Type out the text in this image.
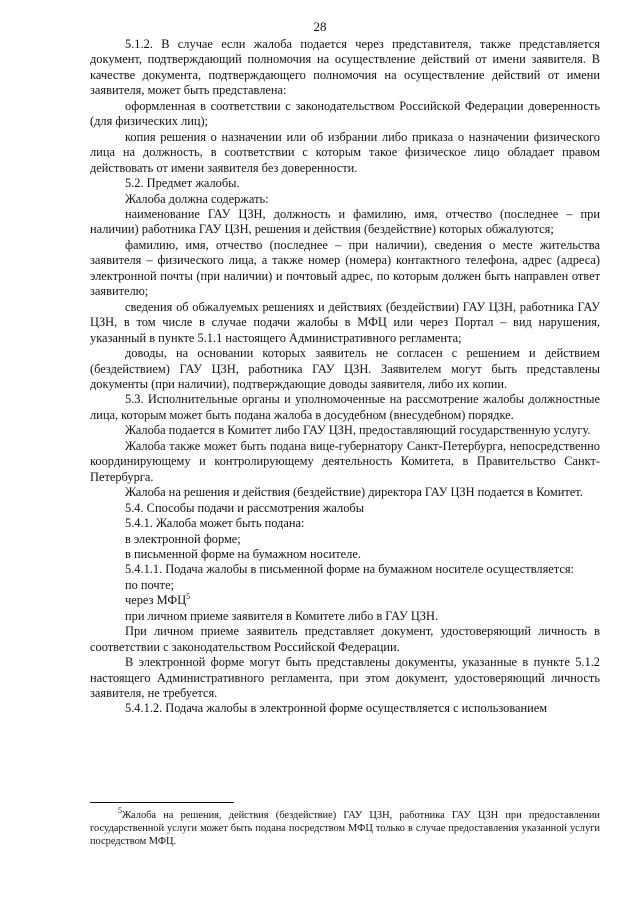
28

5.1.2. В случае если жалоба подается через представителя, также представляется документ, подтверждающий полномочия на осуществление действий от имени заявителя. В качестве документа, подтверждающего полномочия на осуществление действий от имени заявителя, может быть представлена:

оформленная в соответствии с законодательством Российской Федерации доверенность (для физических лиц);

копия решения о назначении или об избрании либо приказа о назначении физического лица на должность, в соответствии с которым такое физическое лицо обладает правом действовать от имени заявителя без доверенности.

5.2. Предмет жалобы.

Жалоба должна содержать:

наименование ГАУ ЦЗН, должность и фамилию, имя, отчество (последнее – при наличии) работника ГАУ ЦЗН, решения и действия (бездействие) которых обжалуются;

фамилию, имя, отчество (последнее – при наличии), сведения о месте жительства заявителя – физического лица, а также номер (номера) контактного телефона, адрес (адреса) электронной почты (при наличии) и почтовый адрес, по которым должен быть направлен ответ заявителю;

сведения об обжалуемых решениях и действиях (бездействии) ГАУ ЦЗН, работника ГАУ ЦЗН, в том числе в случае подачи жалобы в МФЦ или через Портал – вид нарушения, указанный в пункте 5.1.1 настоящего Административного регламента;

доводы, на основании которых заявитель не согласен с решением и действием (бездействием) ГАУ ЦЗН, работника ГАУ ЦЗН. Заявителем могут быть представлены документы (при наличии), подтверждающие доводы заявителя, либо их копии.

5.3. Исполнительные органы и уполномоченные на рассмотрение жалобы должностные лица, которым может быть подана жалоба в досудебном (внесудебном) порядке.

Жалоба подается в Комитет либо ГАУ ЦЗН, предоставляющий государственную услугу.

Жалоба также может быть подана вице-губернатору Санкт-Петербурга, непосредственно координирующему и контролирующему деятельность Комитета, в Правительство Санкт-Петербурга.

Жалоба на решения и действия (бездействие) директора ГАУ ЦЗН подается в Комитет.

5.4. Способы подачи и рассмотрения жалобы

5.4.1. Жалоба может быть подана:

в электронной форме;

в письменной форме на бумажном носителе.

5.4.1.1. Подача жалобы в письменной форме на бумажном носителе осуществляется:

по почте;

через МФЦ$^5$

при личном приеме заявителя в Комитете либо в ГАУ ЦЗН.

При личном приеме заявитель представляет документ, удостоверяющий личность в соответствии с законодательством Российской Федерации.

В электронной форме могут быть представлены документы, указанные в пункте 5.1.2 настоящего Административного регламента, при этом документ, удостоверяющий личность заявителя, не требуется.

5.4.1.2. Подача жалобы в электронной форме осуществляется с использованием

$^5$Жалоба на решения, действия (бездействие) ГАУ ЦЗН, работника ГАУ ЦЗН при предоставлении государственной услуги может быть подана посредством МФЦ только в случае предоставления указанной услуги посредством МФЦ.
